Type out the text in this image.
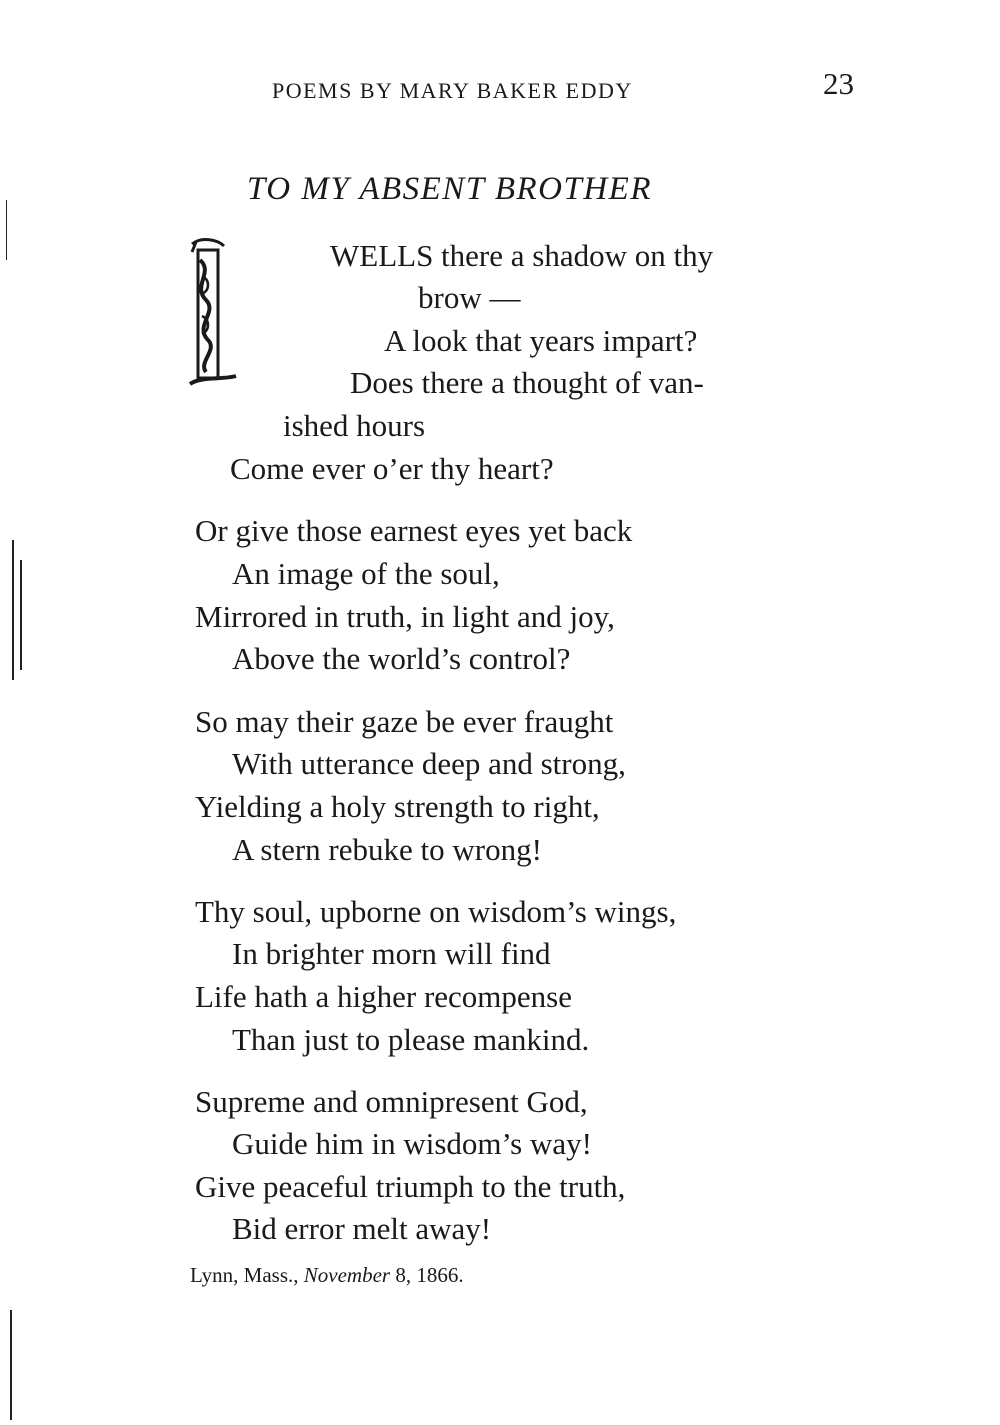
POEMS BY MARY BAKER EDDY	23
TO MY ABSENT BROTHER
WELLS there a shadow on thy
brow —
A look that years impart?
Does there a thought of van-
ished hours
Come ever o’er thy heart?
Or give those earnest eyes yet back
An image of the soul,
Mirrored in truth, in light and joy,
Above the world’s control?
So may their gaze be ever fraught
With utterance deep and strong,
Yielding a holy strength to right,
A stern rebuke to wrong!
Thy soul, upborne on wisdom’s wings,
In brighter morn will find
Life hath a higher recompense
Than just to please mankind.
Supreme and omnipresent God,
Guide him in wisdom’s way!
Give peaceful triumph to the truth,
Bid error melt away!
Lynn, Mass., November 8, 1866.
